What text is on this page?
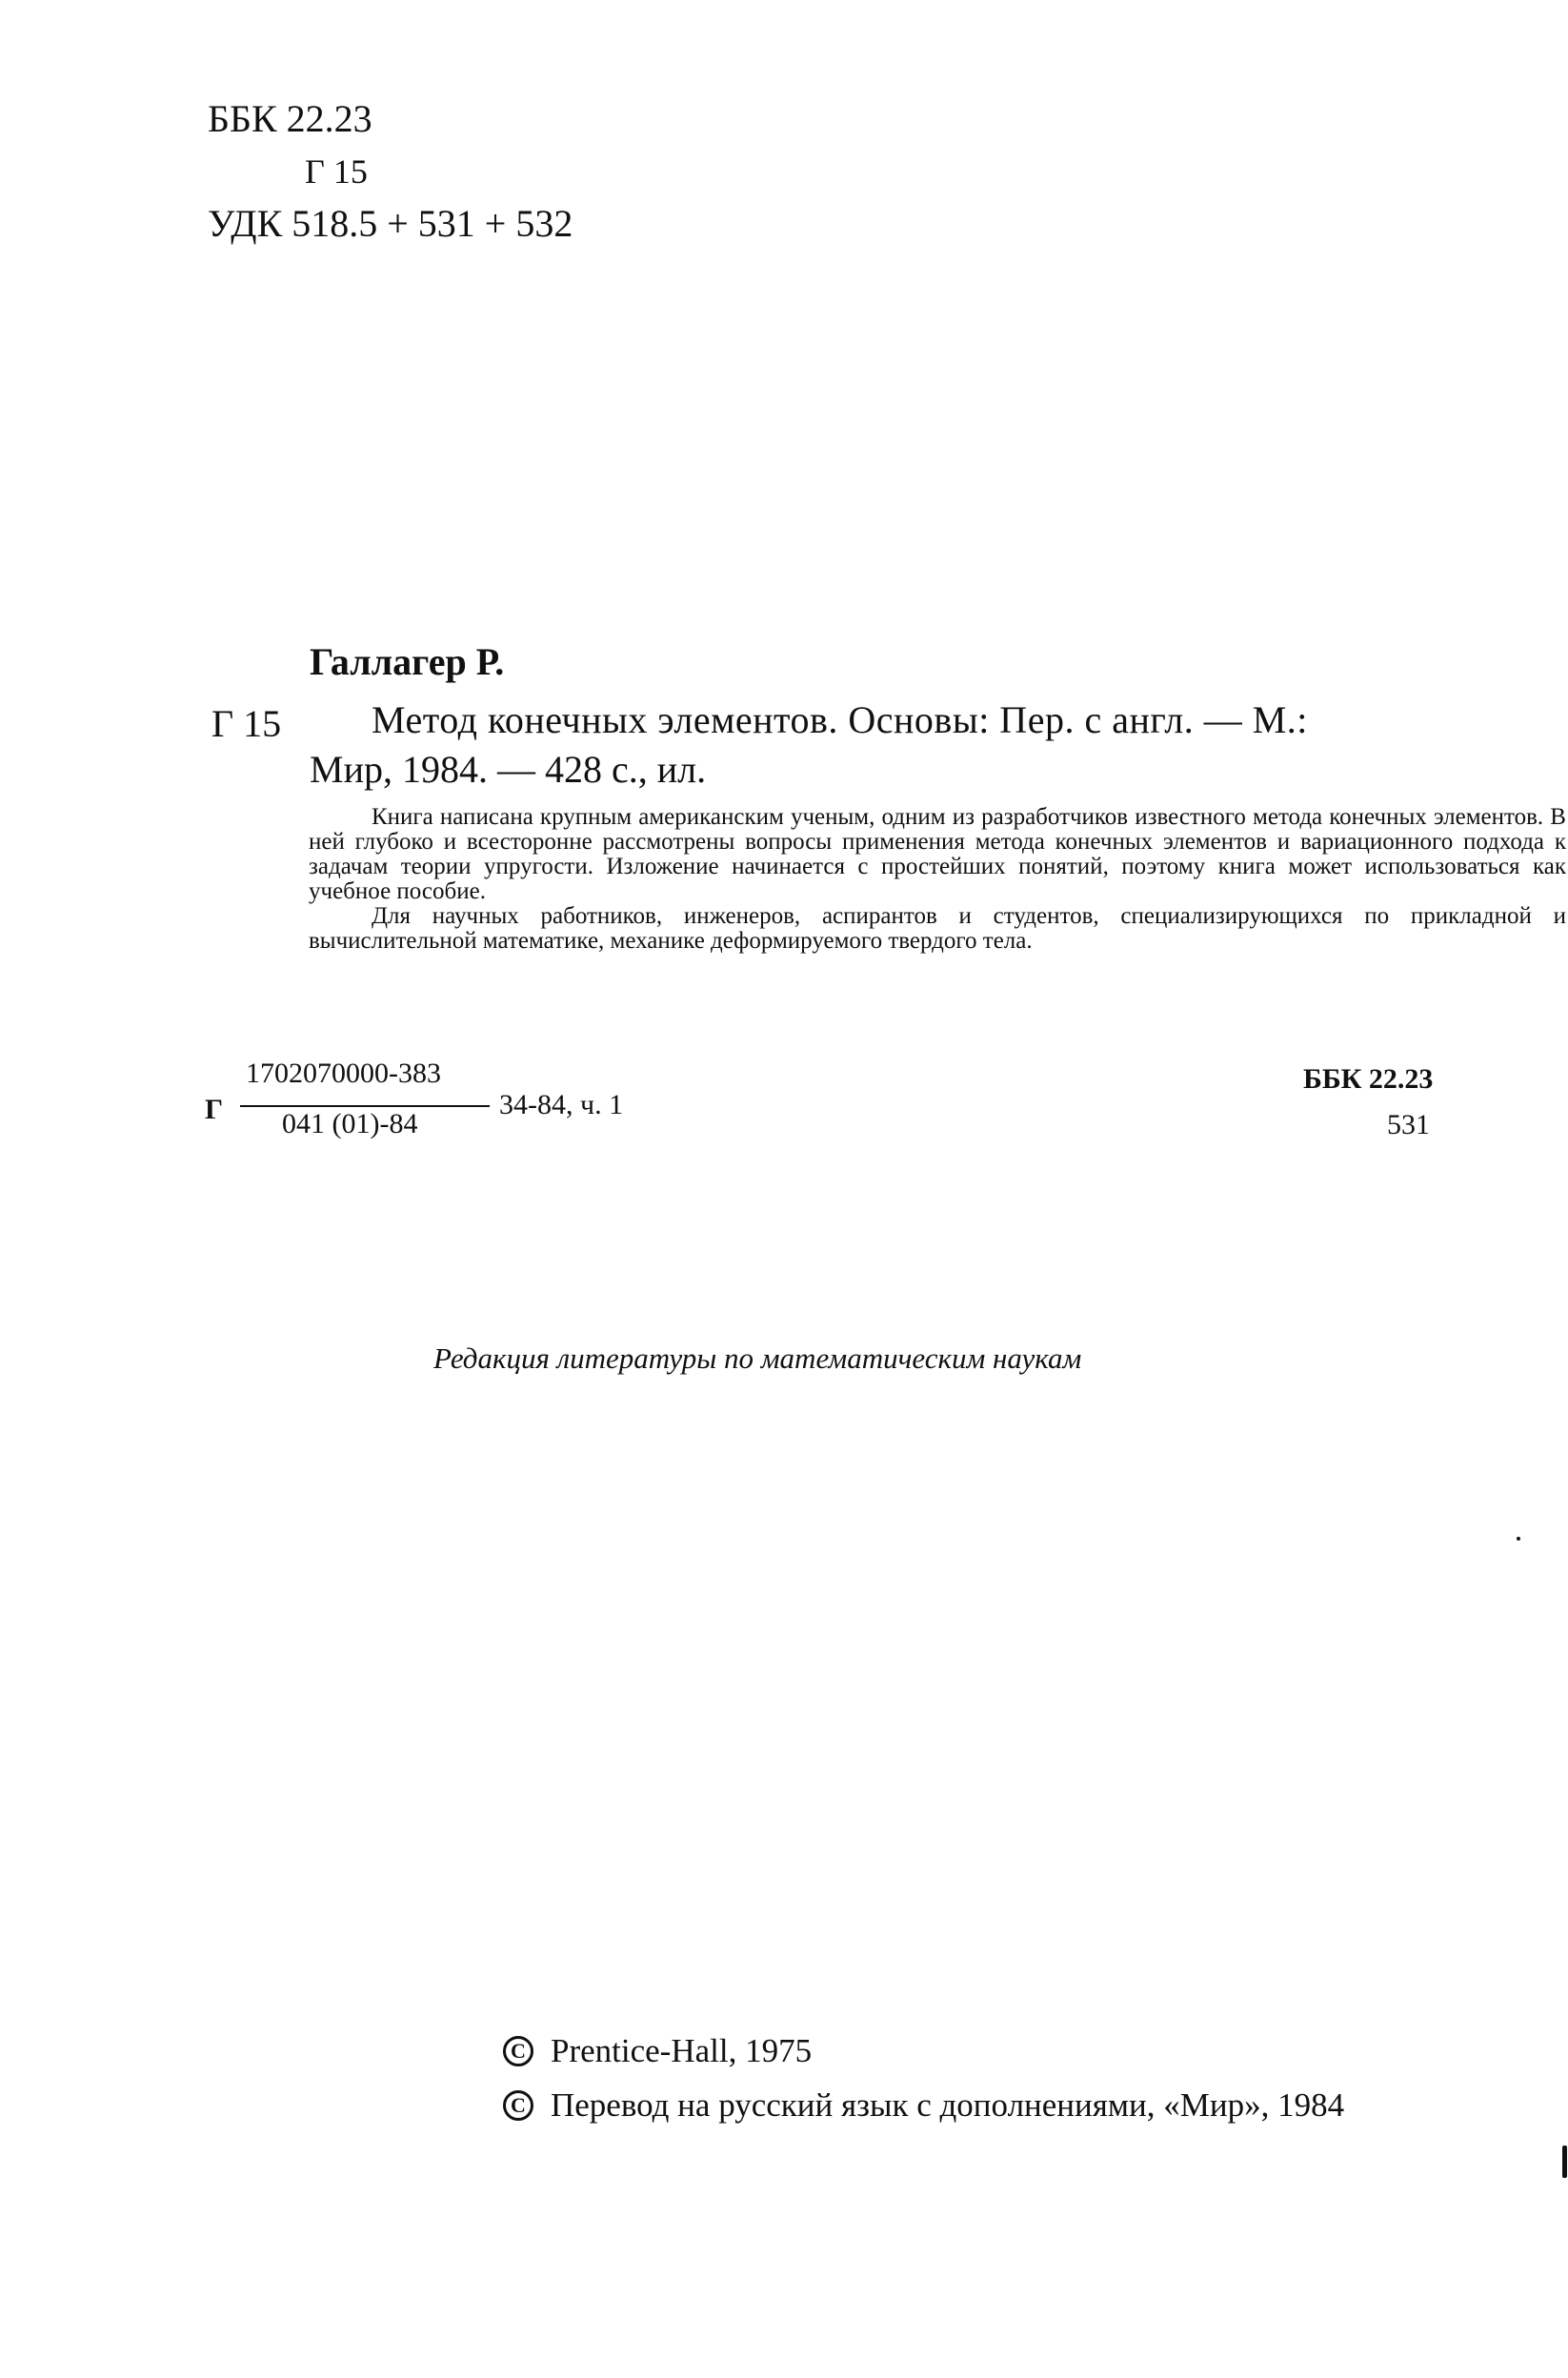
ББК 22.23
Г 15
УДК 518.5 + 531 + 532
Галлагер Р.
Г 15 Метод конечных элементов. Основы: Пер. с англ. — М.:
Мир, 1984. — 428 с., ил.

Книга написана крупным американским ученым, одним из разработчиков известного метода конечных элементов. В ней глубоко и всесторонне рассмотрены вопросы применения метода конечных элементов и вариационного подхода к задачам теории упругости. Изложение начинается с простейших понятий, поэтому книга может использоваться как учебное пособие.

Для научных работников, инженеров, аспирантов и студентов, специализирующихся по прикладной и вычислительной математике, механике деформируемого твердого тела.

Г
1702070000-383
041 (01)-84
34-84, ч. 1
ББК 22.23
531
Редакция литературы по математическим наукам
C Prentice-Hall, 1975
C Перевод на русский язык с дополнениями, «Мир», 1984
